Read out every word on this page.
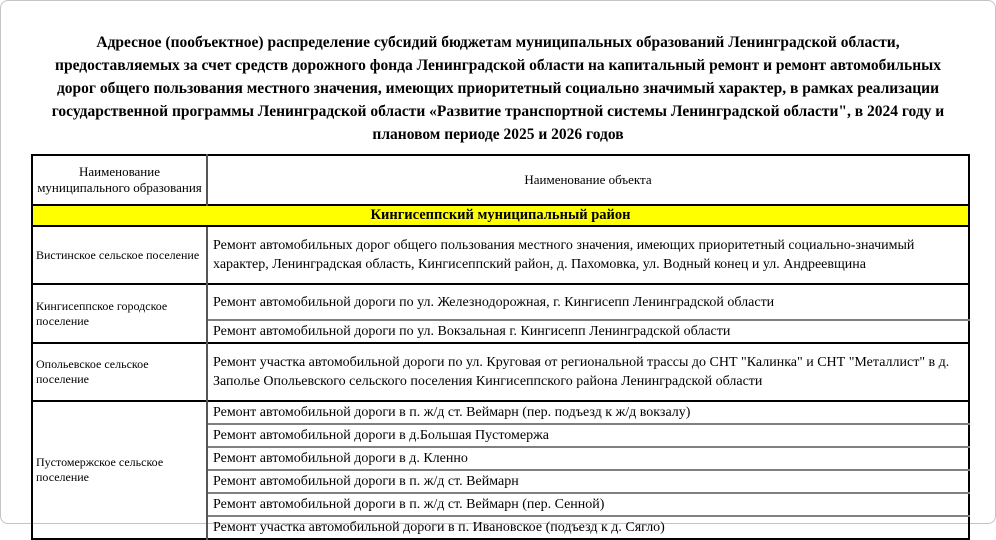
Адресное (пообъектное) распределение субсидий бюджетам муниципальных образований Ленинградской области, предоставляемых за счет средств дорожного фонда Ленинградской области на капитальный ремонт и ремонт автомобильных дорог общего пользования местного значения, имеющих приоритетный социально значимый характер, в рамках реализации государственной программы Ленинградской области «Развитие транспортной системы Ленинградской области", в 2024 году и плановом периоде 2025 и 2026 годов
Наименование муниципального образования	Наименование объекта
Кингисеппский муниципальный район	
Вистинское сельское поселение	Ремонт автомобильных дорог общего пользования местного значения, имеющих приоритетный социально-значимый характер, Ленинградская область, Кингисеппский район, д. Пахомовка, ул. Водный конец и ул. Андреевщина
Кингисеппское городское поселение	Ремонт автомобильной дороги по ул. Железнодорожная, г. Кингисепп Ленинградской области
	Ремонт автомобильной дороги по ул. Вокзальная г. Кингисепп Ленинградской области
Опольевское сельское поселение	Ремонт участка автомобильной дороги по ул. Круговая от региональной трассы до СНТ "Калинка" и СНТ "Металлист" в д. Заполье Опольевского сельского поселения Кингисеппского района Ленинградской области
Пустомержское сельское поселение	Ремонт автомобильной дороги в п. ж/д ст. Веймарн (пер. подъезд к ж/д вокзалу)
	Ремонт автомобильной дороги в д.Большая Пустомержа
	Ремонт автомобильной дороги в д. Кленно
	Ремонт автомобильной дороги в п. ж/д ст. Веймарн
	Ремонт автомобильной дороги в п. ж/д ст. Веймарн (пер. Сенной)
	Ремонт участка автомобильной дороги в п. Ивановское (подъезд к д. Сягло)
